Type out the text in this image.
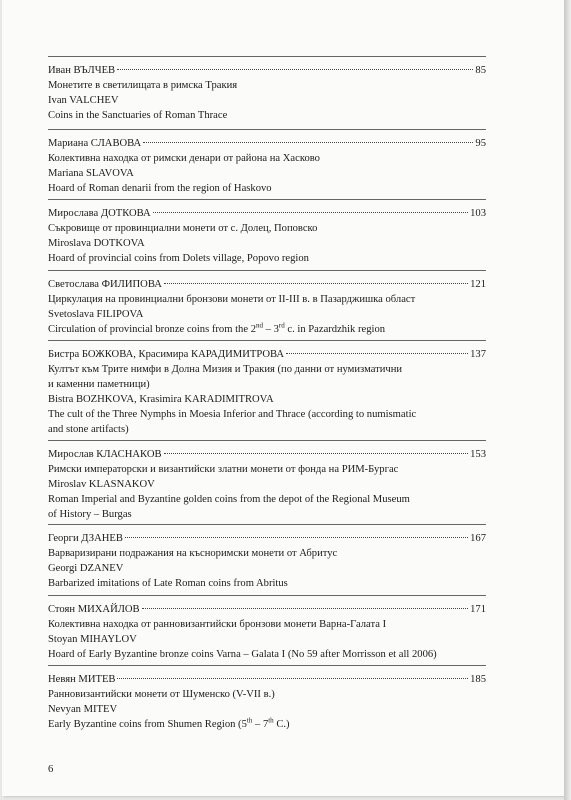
Иван ВЪЛЧЕВ	85
Монетите в светилищата в римска Тракия
Ivan VALCHEV
Coins in the Sanctuaries of Roman Thrace
Мариана СЛАВОВА	95
Колективна находка от римски денари от района на Хасково
Mariana SLAVOVA
Hoard of Roman denarii from the region of Haskovo
Мирослава ДОТКОВА	103
Съкровище от провинциални монети от с. Долец, Поповско
Miroslava DOTKOVA
Hoard of provincial coins from Dolets village, Popovo region
Светослава ФИЛИПОВА	121
Циркулация на провинциални бронзови монети от II-III в. в Пазарджишка област
Svetoslava FILIPOVA
Circulation of provincial bronze coins from the 2nd – 3rd c. in Pazardzhik region
Бистра БОЖКОВА, Красимира КАРАДИМИТРОВА	137
Култът към Трите нимфи в Долна Мизия и Тракия (по данни от нумизматични
и каменни паметници)
Bistra BOZHKOVA, Krasimira KARADIMITROVA
The cult of the Three Nymphs in Moesia Inferior and Thrace (according to numismatic
and stone artifacts)
Мирослав КЛАСНАКОВ	153
Римски императорски и византийски златни монети от фонда на РИМ-Бургас
Miroslav KLASNAKOV
Roman Imperial and Byzantine golden coins from the depot of the Regional Museum
of History – Burgas
Георги ДЗАНЕВ	167
Варваризирани подражания на късноримски монети от Абритус
Georgi DZANEV
Barbarized imitations of Late Roman coins from Abritus
Стоян МИХАЙЛОВ	171
Колективна находка от ранновизантийски бронзови монети Варна-Галата I
Stoyan MIHAYLOV
Hoard of Early Byzantine bronze coins Varna – Galata I (No 59 after Morrisson et all 2006)
Невян МИТЕВ	185
Ранновизантийски монети от Шуменско (V-VII в.)
Nevyan MITEV
Early Byzantine coins from Shumen Region (5th – 7th C.)
6
